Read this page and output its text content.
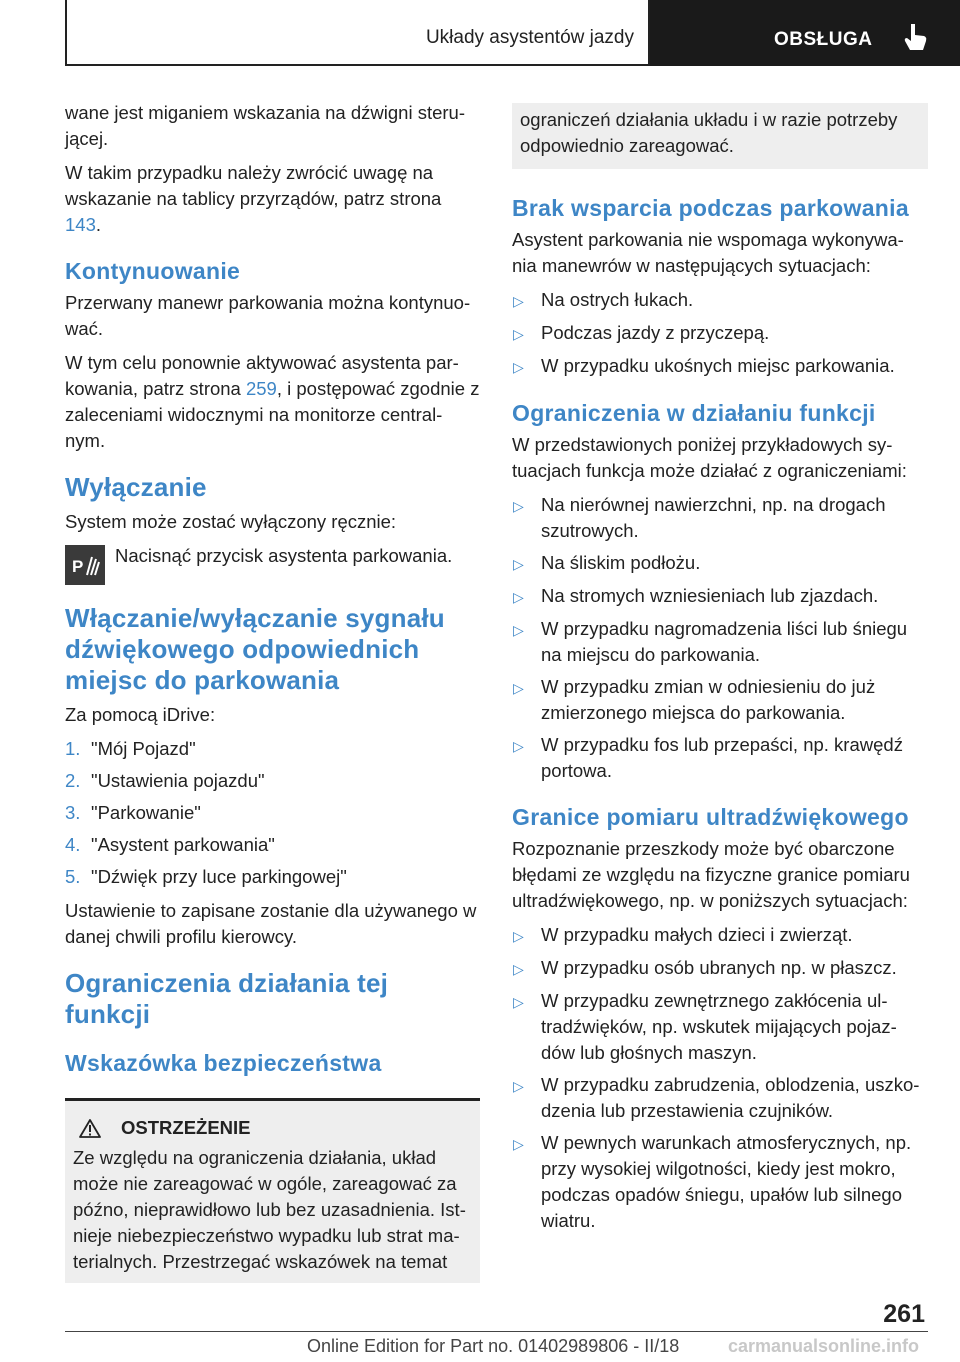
Układy asystentów jazdy	OBSŁUGA

wane jest miganiem wskazania na dźwigni steru-jącej.

W takim przypadku należy zwrócić uwagę na wskazanie na tablicy przyrządów, patrz strona 143.

Kontynuowanie

Przerwany manewr parkowania można kontynuo-wać.

W tym celu ponownie aktywować asystenta par-kowania, patrz strona 259, i postępować zgodnie z zaleceniami widocznymi na monitorze central-nym.

Wyłączanie

System może zostać wyłączony ręcznie:

P

Nacisnąć przycisk asystenta parkowania.

Włączanie/wyłączanie sygnału dźwiękowego odpowiednich miejsc do parkowania

Za pomocą iDrive:

1. "Mój Pojazd"
2. "Ustawienia pojazdu"
3. "Parkowanie"
4. "Asystent parkowania"
5. "Dźwięk przy luce parkingowej"

Ustawienie to zapisane zostanie dla używanego w danej chwili profilu kierowcy.

Ograniczenia działania tej funkcji
Wskazówka bezpieczeństwa
OSTRZEŻENIE

Ze względu na ograniczenia działania, układ może nie zareagować w ogóle, zareagować za późno, nieprawidłowo lub bez uzasadnienia. Ist-nieje niebezpieczeństwo wypadku lub strat ma-terialnych. Przestrzegać wskazówek na temat

ograniczeń działania układu i w razie potrzeby odpowiednio zareagować.

Brak wsparcia podczas parkowania

Asystent parkowania nie wspomaga wykonywa-nia manewrów w następujących sytuacjach:

▷ Na ostrych łukach.
▷ Podczas jazdy z przyczepą.
▷ W przypadku ukośnych miejsc parkowania.
Ograniczenia w działaniu funkcji

W przedstawionych poniżej przykładowych sy-tuacjach funkcja może działać z ograniczeniami:

▷ Na nierównej nawierzchni, np. na drogach szutrowych.
▷ Na śliskim podłożu.
▷ Na stromych wzniesieniach lub zjazdach.
▷ W przypadku nagromadzenia liści lub śniegu na miejscu do parkowania.
▷ W przypadku zmian w odniesieniu do już zmierzonego miejsca do parkowania.
▷ W przypadku fos lub przepaści, np. krawędź portowa.
Granice pomiaru ultradźwiękowego

Rozpoznanie przeszkody może być obarczone błędami ze względu na fizyczne granice pomiaru ultradźwiękowego, np. w poniższych sytuacjach:

▷ W przypadku małych dzieci i zwierząt.
▷ W przypadku osób ubranych np. w płaszcz.
▷ W przypadku zewnętrznego zakłócenia ul-tradźwięków, np. wskutek mijających pojaz-dów lub głośnych maszyn.
▷ W przypadku zabrudzenia, oblodzenia, uszko-dzenia lub przestawienia czujników.
▷ W pewnych warunkach atmosferycznych, np. przy wysokiej wilgotności, kiedy jest mokro, podczas opadów śniegu, upałów lub silnego wiatru.
261
Online Edition for Part no. 01402989806 - II/18	carmanualsonline.info
